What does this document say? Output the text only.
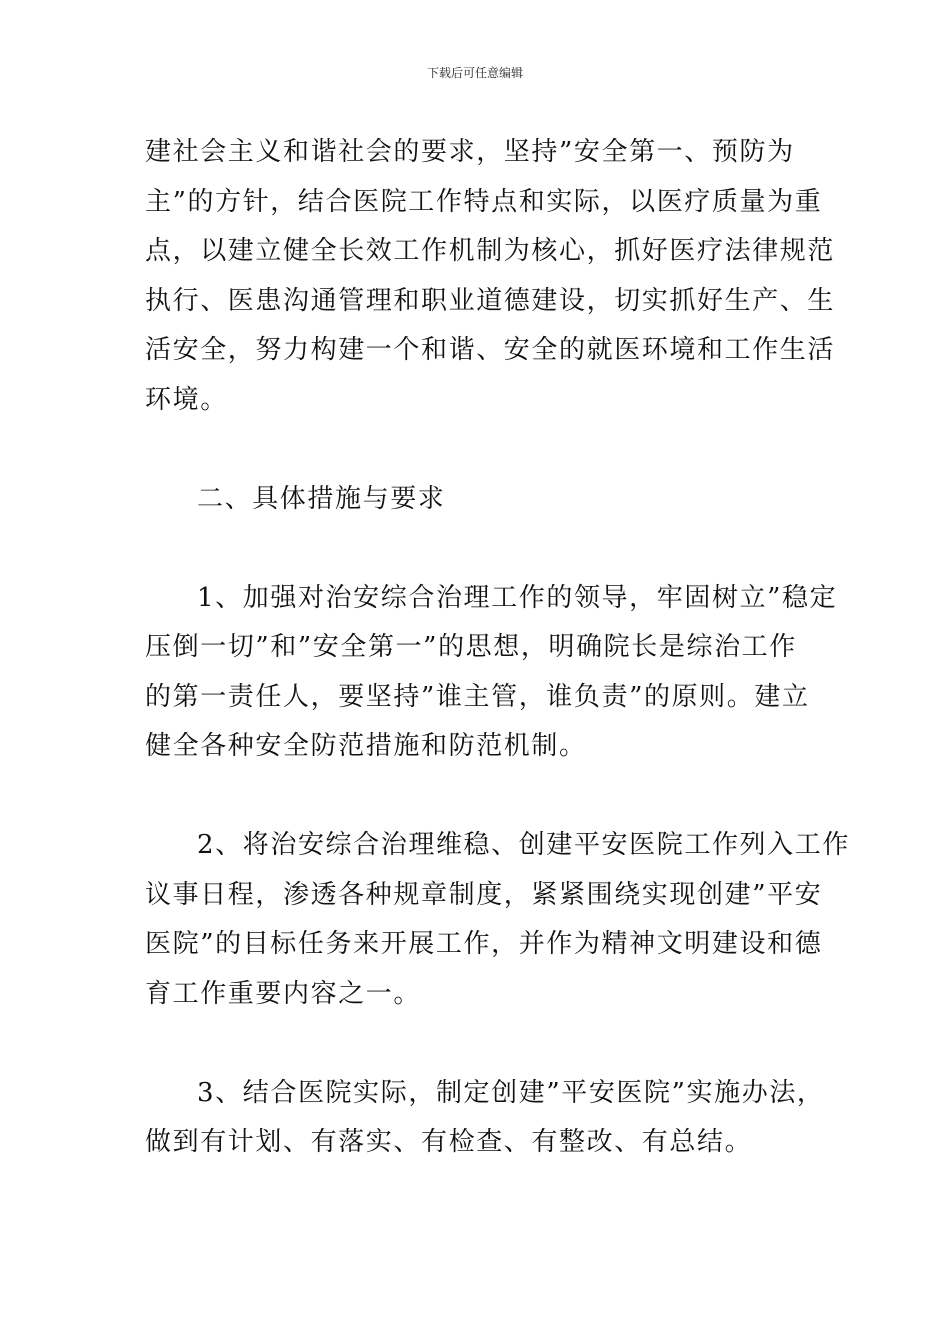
下载后可任意编辑

建社会主义和谐社会的要求，坚持”安全第一、预防为
主”的方针，结合医院工作特点和实际，以医疗质量为重
点，以建立健全长效工作机制为核心，抓好医疗法律规范
执行、医患沟通管理和职业道德建设，切实抓好生产、生
活安全，努力构建一个和谐、安全的就医环境和工作生活
环境。

二、具体措施与要求

1、加强对治安综合治理工作的领导，牢固树立”稳定
压倒一切”和”安全第一”的思想，明确院长是综治工作
的第一责任人，要坚持”谁主管，谁负责”的原则。建立
健全各种安全防范措施和防范机制。

2、将治安综合治理维稳、创建平安医院工作列入工作
议事日程，渗透各种规章制度，紧紧围绕实现创建”平安
医院”的目标任务来开展工作，并作为精神文明建设和德
育工作重要内容之一。

3、结合医院实际，制定创建”平安医院”实施办法，
做到有计划、有落实、有检查、有整改、有总结。
